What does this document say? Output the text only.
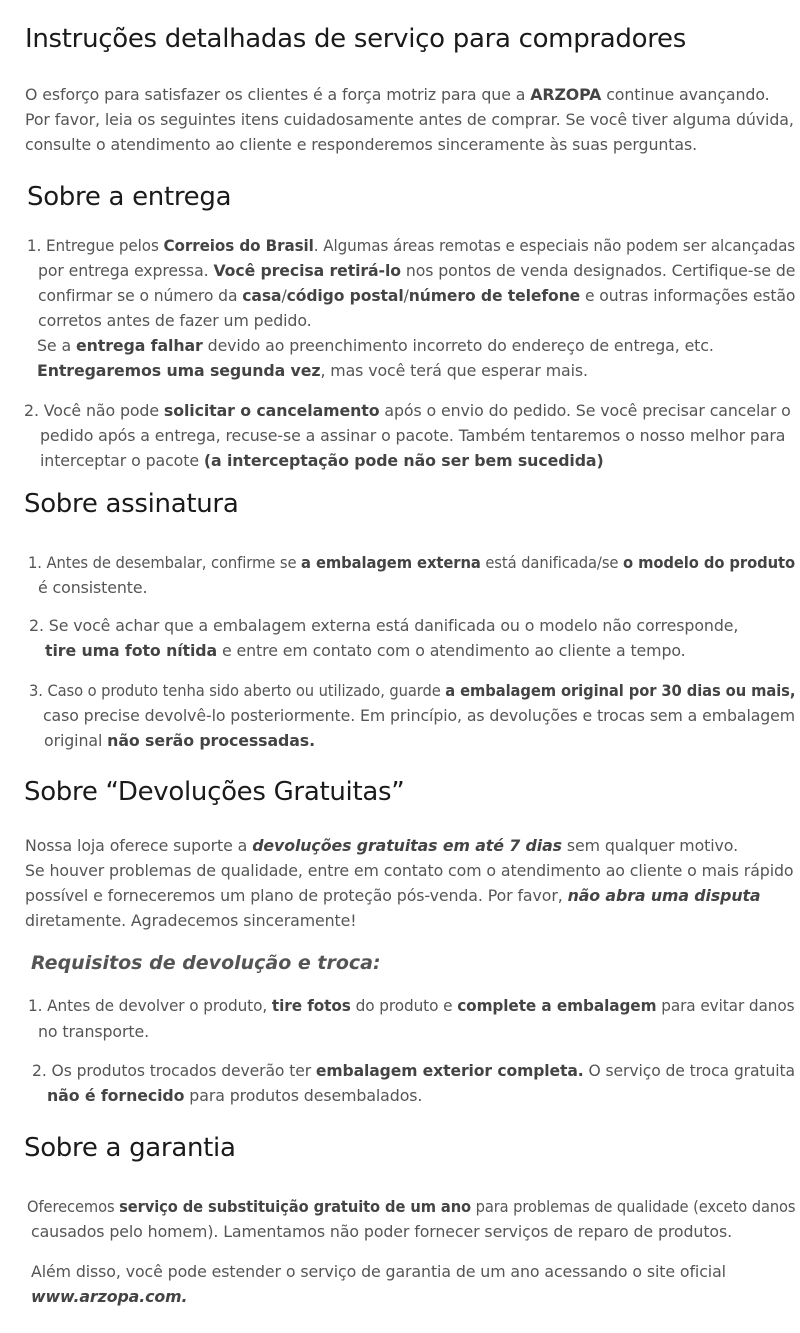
Instruções detalhadas de serviço para compradores

O esforço para satisfazer os clientes é a força motriz para que a ARZOPA continue avançando.

Por favor, leia os seguintes itens cuidadosamente antes de comprar. Se você tiver alguma dúvida,

consulte o atendimento ao cliente e responderemos sinceramente às suas perguntas.

Sobre a entrega

1. Entregue pelos Correios do Brasil. Algumas áreas remotas e especiais não podem ser alcançadas

por entrega expressa. Você precisa retirá-lo nos pontos de venda designados. Certifique-se de

confirmar se o número da casa/código postal/número de telefone e outras informações estão

corretos antes de fazer um pedido.

Se a entrega falhar devido ao preenchimento incorreto do endereço de entrega, etc.

Entregaremos uma segunda vez, mas você terá que esperar mais.

2. Você não pode solicitar o cancelamento após o envio do pedido. Se você precisar cancelar o

pedido após a entrega, recuse-se a assinar o pacote. Também tentaremos o nosso melhor para

interceptar o pacote (a interceptação pode não ser bem sucedida)

Sobre assinatura

1. Antes de desembalar, confirme se a embalagem externa está danificada/se o modelo do produto

é consistente.

2. Se você achar que a embalagem externa está danificada ou o modelo não corresponde,

tire uma foto nítida e entre em contato com o atendimento ao cliente a tempo.

3. Caso o produto tenha sido aberto ou utilizado, guarde a embalagem original por 30 dias ou mais,

caso precise devolvê-lo posteriormente. Em princípio, as devoluções e trocas sem a embalagem

original não serão processadas.

Sobre “Devoluções Gratuitas”

Nossa loja oferece suporte a devoluções gratuitas em até 7 dias sem qualquer motivo.

Se houver problemas de qualidade, entre em contato com o atendimento ao cliente o mais rápido

possível e forneceremos um plano de proteção pós-venda. Por favor, não abra uma disputa

diretamente. Agradecemos sinceramente!

Requisitos de devolução e troca:

1. Antes de devolver o produto, tire fotos do produto e complete a embalagem para evitar danos

no transporte.

2. Os produtos trocados deverão ter embalagem exterior completa. O serviço de troca gratuita

não é fornecido para produtos desembalados.

Sobre a garantia

Oferecemos serviço de substituição gratuito de um ano para problemas de qualidade (exceto danos

causados pelo homem). Lamentamos não poder fornecer serviços de reparo de produtos.

Além disso, você pode estender o serviço de garantia de um ano acessando o site oficial

www.arzopa.com.
